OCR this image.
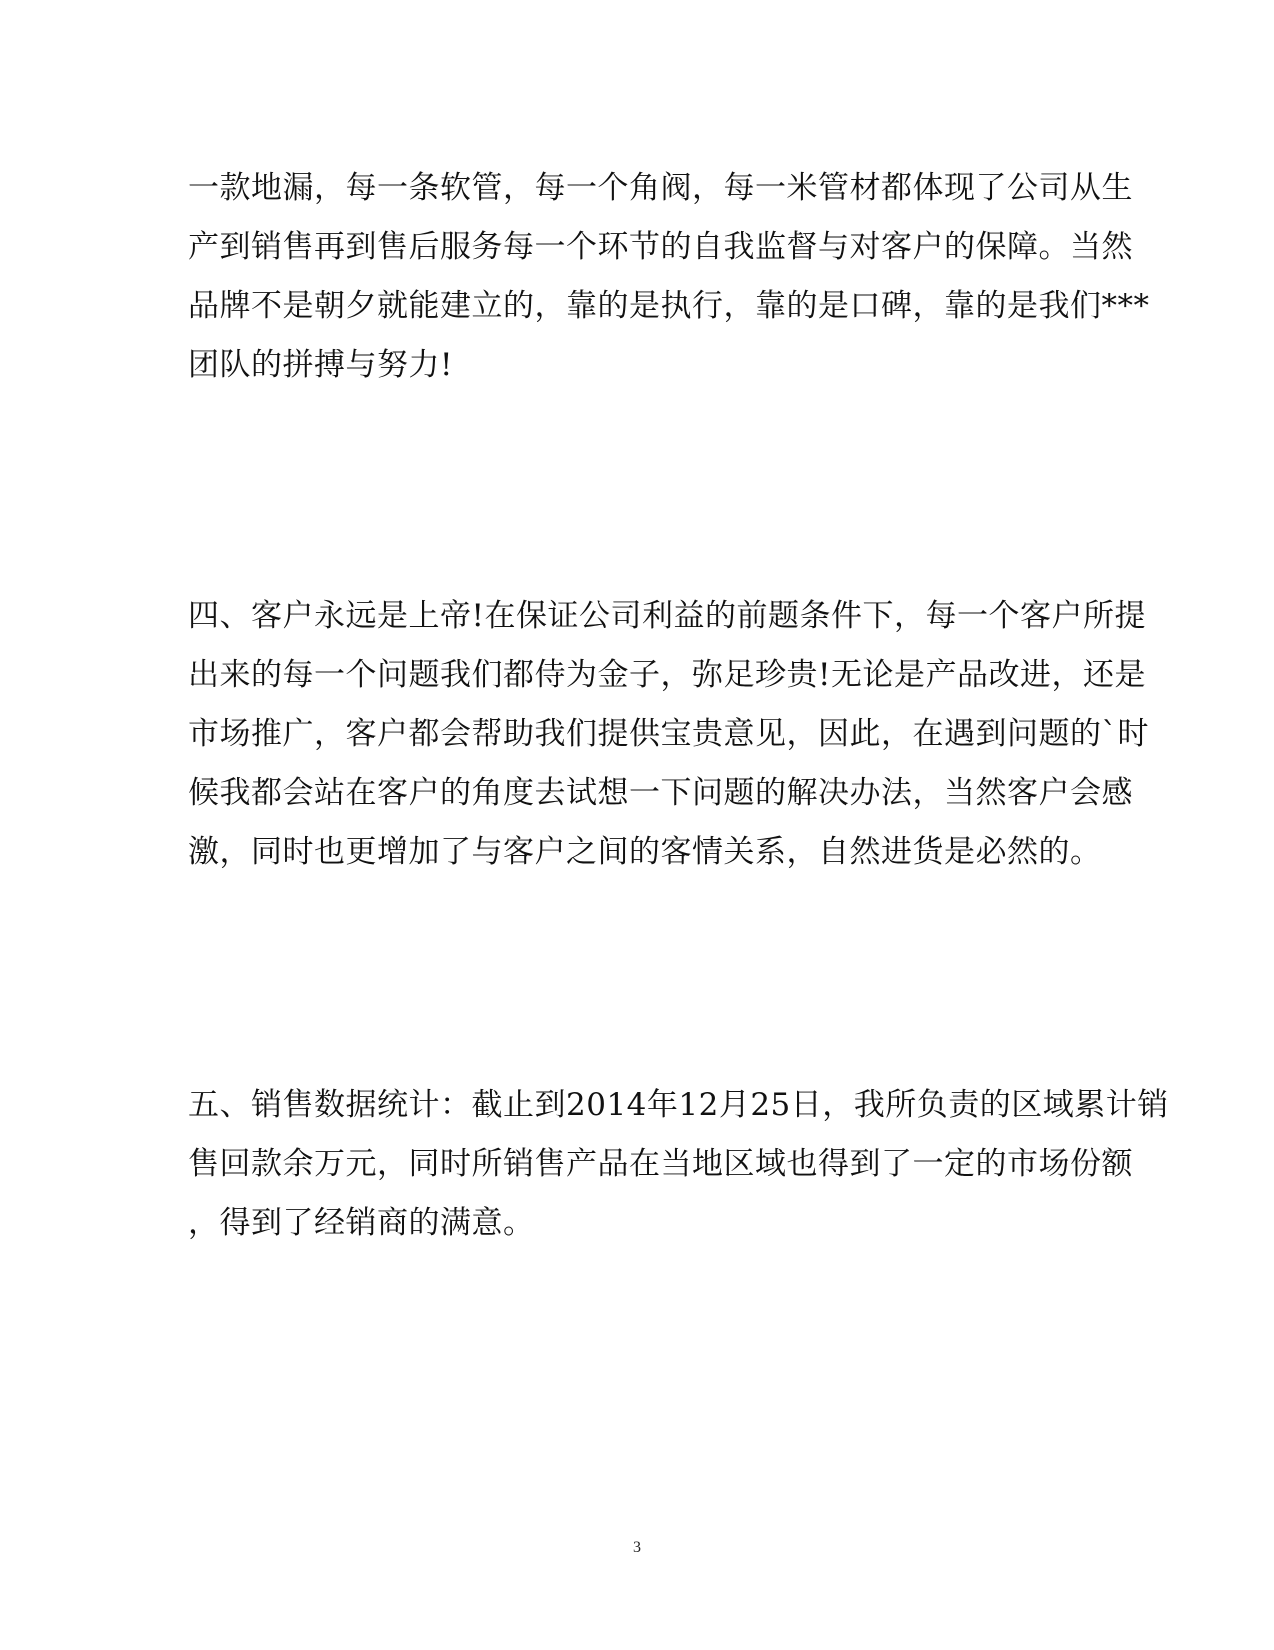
一款地漏，每一条软管，每一个角阀，每一米管材都体现了公司从生
产到销售再到售后服务每一个环节的自我监督与对客户的保障。当然
品牌不是朝夕就能建立的，靠的是执行，靠的是口碑，靠的是我们***
团队的拼搏与努力!
四、客户永远是上帝!在保证公司利益的前题条件下，每一个客户所提
出来的每一个问题我们都侍为金子，弥足珍贵!无论是产品改进，还是
市场推广，客户都会帮助我们提供宝贵意见，因此，在遇到问题的`时
候我都会站在客户的角度去试想一下问题的解决办法，当然客户会感
激，同时也更增加了与客户之间的客情关系，自然进货是必然的。
五、销售数据统计：截止到2014年12月25日，我所负责的区域累计销
售回款余万元，同时所销售产品在当地区域也得到了一定的市场份额
，得到了经销商的满意。
3
